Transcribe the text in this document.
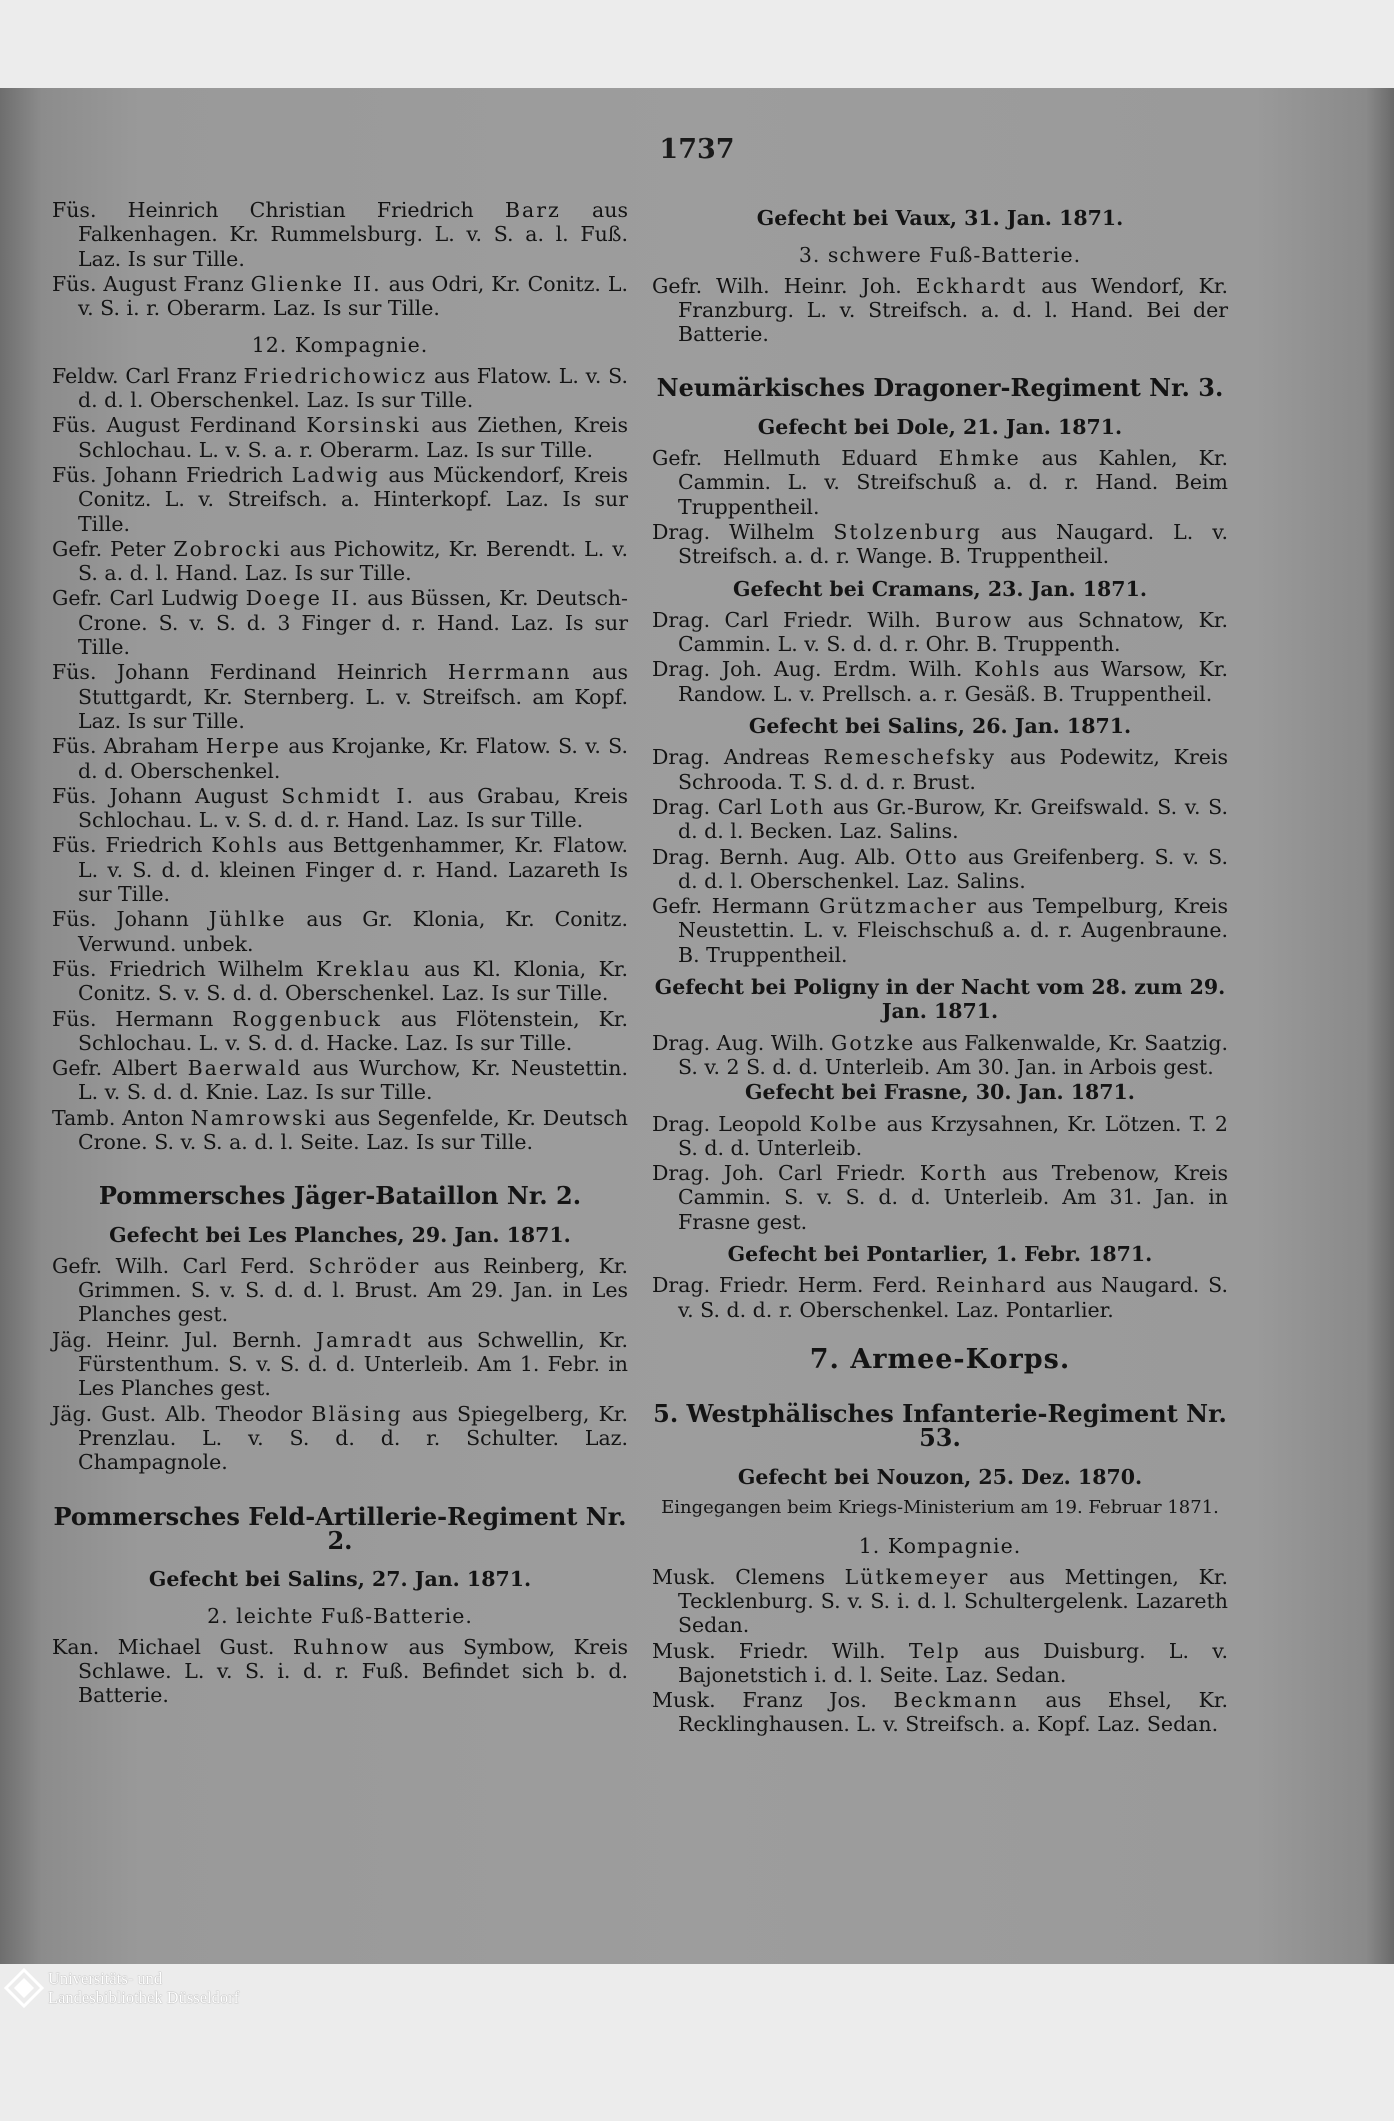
1737
Füs. Heinrich Christian Friedrich Barz aus Falkenhagen. Kr. Rummelsburg. L. v. S. a. l. Fuß. Laz. Is sur Tille.
Füs. August Franz Glienke II. aus Odri, Kr. Conitz. L. v. S. i. r. Oberarm. Laz. Is sur Tille.
12. Kompagnie.
Feldw. Carl Franz Friedrichowicz aus Flatow. L. v. S. d. d. l. Oberschenkel. Laz. Is sur Tille.
Füs. August Ferdinand Korsinski aus Ziethen, Kreis Schlochau. L. v. S. a. r. Oberarm. Laz. Is sur Tille.
Füs. Johann Friedrich Ladwig aus Mückendorf, Kreis Conitz. L. v. Streifsch. a. Hinterkopf. Laz. Is sur Tille.
Gefr. Peter Zobrocki aus Pichowitz, Kr. Berendt. L. v. S. a. d. l. Hand. Laz. Is sur Tille.
Gefr. Carl Ludwig Doege II. aus Büssen, Kr. Deutsch-Crone. S. v. S. d. 3 Finger d. r. Hand. Laz. Is sur Tille.
Füs. Johann Ferdinand Heinrich Herrmann aus Stuttgardt, Kr. Sternberg. L. v. Streifsch. am Kopf. Laz. Is sur Tille.
Füs. Abraham Herpe aus Krojanke, Kr. Flatow. S. v. S. d. d. Oberschenkel.
Füs. Johann August Schmidt I. aus Grabau, Kreis Schlochau. L. v. S. d. d. r. Hand. Laz. Is sur Tille.
Füs. Friedrich Kohls aus Bettgenhammer, Kr. Flatow. L. v. S. d. d. kleinen Finger d. r. Hand. Lazareth Is sur Tille.
Füs. Johann Jühlke aus Gr. Klonia, Kr. Conitz. Verwund. unbek.
Füs. Friedrich Wilhelm Kreklau aus Kl. Klonia, Kr. Conitz. S. v. S. d. d. Oberschenkel. Laz. Is sur Tille.
Füs. Hermann Roggenbuck aus Flötenstein, Kr. Schlochau. L. v. S. d. d. Hacke. Laz. Is sur Tille.
Gefr. Albert Baerwald aus Wurchow, Kr. Neustettin. L. v. S. d. d. Knie. Laz. Is sur Tille.
Tamb. Anton Namrowski aus Segenfelde, Kr. Deutsch Crone. S. v. S. a. d. l. Seite. Laz. Is sur Tille.
Pommersches Jäger-Bataillon Nr. 2.
Gefecht bei Les Planches, 29. Jan. 1871.
Gefr. Wilh. Carl Ferd. Schröder aus Reinberg, Kr. Grimmen. S. v. S. d. d. l. Brust. Am 29. Jan. in Les Planches gest.
Jäg. Heinr. Jul. Bernh. Jamradt aus Schwellin, Kr. Fürstenthum. S. v. S. d. d. Unterleib. Am 1. Febr. in Les Planches gest.
Jäg. Gust. Alb. Theodor Bläsing aus Spiegelberg, Kr. Prenzlau. L. v. S. d. d. r. Schulter. Laz. Champagnole.
Pommersches Feld-Artillerie-Regiment Nr. 2.
Gefecht bei Salins, 27. Jan. 1871.
2. leichte Fuß-Batterie.
Kan. Michael Gust. Ruhnow aus Symbow, Kreis Schlawe. L. v. S. i. d. r. Fuß. Befindet sich b. d. Batterie.
Gefecht bei Vaux, 31. Jan. 1871.
3. schwere Fuß-Batterie.
Gefr. Wilh. Heinr. Joh. Eckhardt aus Wendorf, Kr. Franzburg. L. v. Streifsch. a. d. l. Hand. Bei der Batterie.
Neumärkisches Dragoner-Regiment Nr. 3.
Gefecht bei Dole, 21. Jan. 1871.
Gefr. Hellmuth Eduard Ehmke aus Kahlen, Kr. Cammin. L. v. Streifschuß a. d. r. Hand. Beim Truppentheil.
Drag. Wilhelm Stolzenburg aus Naugard. L. v. Streifsch. a. d. r. Wange. B. Truppentheil.
Gefecht bei Cramans, 23. Jan. 1871.
Drag. Carl Friedr. Wilh. Burow aus Schnatow, Kr. Cammin. L. v. S. d. d. r. Ohr. B. Truppenth.
Drag. Joh. Aug. Erdm. Wilh. Kohls aus Warsow, Kr. Randow. L. v. Prellsch. a. r. Gesäß. B. Truppentheil.
Gefecht bei Salins, 26. Jan. 1871.
Drag. Andreas Remeschefsky aus Podewitz, Kreis Schrooda. T. S. d. d. r. Brust.
Drag. Carl Loth aus Gr.-Burow, Kr. Greifswald. S. v. S. d. d. l. Becken. Laz. Salins.
Drag. Bernh. Aug. Alb. Otto aus Greifenberg. S. v. S. d. d. l. Oberschenkel. Laz. Salins.
Gefr. Hermann Grützmacher aus Tempelburg, Kreis Neustettin. L. v. Fleischschuß a. d. r. Augenbraune. B. Truppentheil.
Gefecht bei Poligny in der Nacht vom 28. zum 29. Jan. 1871.
Drag. Aug. Wilh. Gotzke aus Falkenwalde, Kr. Saatzig. S. v. 2 S. d. d. Unterleib. Am 30. Jan. in Arbois gest.
Gefecht bei Frasne, 30. Jan. 1871.
Drag. Leopold Kolbe aus Krzysahnen, Kr. Lötzen. T. 2 S. d. d. Unterleib.
Drag. Joh. Carl Friedr. Korth aus Trebenow, Kreis Cammin. S. v. S. d. d. Unterleib. Am 31. Jan. in Frasne gest.
Gefecht bei Pontarlier, 1. Febr. 1871.
Drag. Friedr. Herm. Ferd. Reinhard aus Naugard. S. v. S. d. d. r. Oberschenkel. Laz. Pontarlier.
7. Armee-Korps.
5. Westphälisches Infanterie-Regiment Nr. 53.
Gefecht bei Nouzon, 25. Dez. 1870.
Eingegangen beim Kriegs-Ministerium am 19. Februar 1871.
1. Kompagnie.
Musk. Clemens Lütkemeyer aus Mettingen, Kr. Tecklenburg. S. v. S. i. d. l. Schultergelenk. Lazareth Sedan.
Musk. Friedr. Wilh. Telp aus Duisburg. L. v. Bajonetstich i. d. l. Seite. Laz. Sedan.
Musk. Franz Jos. Beckmann aus Ehsel, Kr. Recklinghausen. L. v. Streifsch. a. Kopf. Laz. Sedan.
Universitäts- und
Landesbibliothek Düsseldorf
